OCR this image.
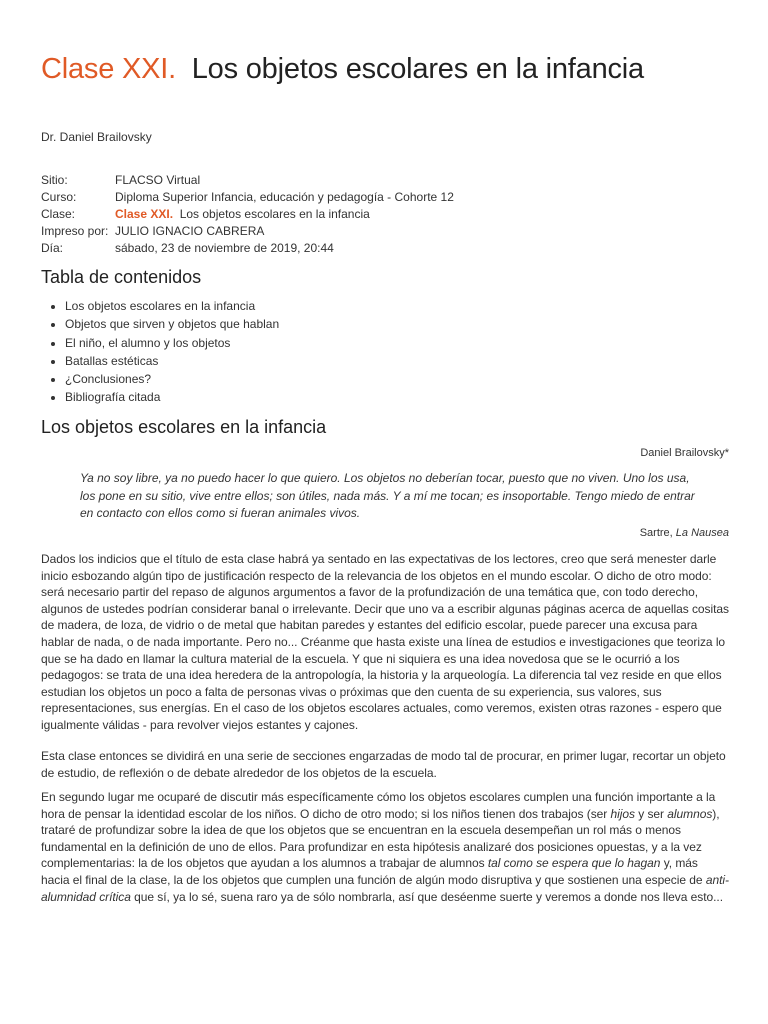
Clase XXI. Los objetos escolares en la infancia
Dr. Daniel Brailovsky
Sitio:	FLACSO Virtual
Curso:	Diploma Superior Infancia, educación y pedagogía - Cohorte 12
Clase:	Clase XXI. Los objetos escolares en la infancia
Impreso por: JULIO IGNACIO CABRERA
Día:	sábado, 23 de noviembre de 2019, 20:44
Tabla de contenidos
• Los objetos escolares en la infancia
• Objetos que sirven y objetos que hablan
• El niño, el alumno y los objetos
• Batallas estéticas
• ¿Conclusiones?
• Bibliografía citada
Los objetos escolares en la infancia
Daniel Brailovsky*
Ya no soy libre, ya no puedo hacer lo que quiero. Los objetos no deberían tocar, puesto que no viven. Uno los usa, los pone en su sitio, vive entre ellos; son útiles, nada más. Y a mí me tocan; es insoportable. Tengo miedo de entrar en contacto con ellos como si fueran animales vivos.
Sartre, La Nausea

Dados los indicios que el título de esta clase habrá ya sentado en las expectativas de los lectores, creo que será menester darle inicio esbozando algún tipo de justificación respecto de la relevancia de los objetos en el mundo escolar. O dicho de otro modo: será necesario partir del repaso de algunos argumentos a favor de la profundización de una temática que, con todo derecho, algunos de ustedes podrían considerar banal o irrelevante. Decir que uno va a escribir algunas páginas acerca de aquellas cositas de madera, de loza, de vidrio o de metal que habitan paredes y estantes del edificio escolar, puede parecer una excusa para hablar de nada, o de nada importante. Pero no... Créanme que hasta existe una línea de estudios e investigaciones que teoriza lo que se ha dado en llamar la cultura material de la escuela. Y que ni siquiera es una idea novedosa que se le ocurrió a los pedagogos: se trata de una idea heredera de la antropología, la historia y la arqueología. La diferencia tal vez reside en que ellos estudian los objetos un poco a falta de personas vivas o próximas que den cuenta de su experiencia, sus valores, sus representaciones, sus energías. En el caso de los objetos escolares actuales, como veremos, existen otras razones - espero que igualmente válidas - para revolver viejos estantes y cajones.

Esta clase entonces se dividirá en una serie de secciones engarzadas de modo tal de procurar, en primer lugar, recortar un objeto de estudio, de reflexión o de debate alrededor de los objetos de la escuela.

En segundo lugar me ocuparé de discutir más específicamente cómo los objetos escolares cumplen una función importante a la hora de pensar la identidad escolar de los niños. O dicho de otro modo; si los niños tienen dos trabajos (ser hijos y ser alumnos), trataré de profundizar sobre la idea de que los objetos que se encuentran en la escuela desempeñan un rol más o menos fundamental en la definición de uno de ellos. Para profundizar en esta hipótesis analizaré dos posiciones opuestas, y a la vez complementarias: la de los objetos que ayudan a los alumnos a trabajar de alumnos tal como se espera que lo hagan y, más hacia el final de la clase, la de los objetos que cumplen una función de algún modo disruptiva y que sostienen una especie de anti-alumnidad crítica que sí, ya lo sé, suena raro ya de sólo nombrarla, así que deséenme suerte y veremos a donde nos lleva esto...
